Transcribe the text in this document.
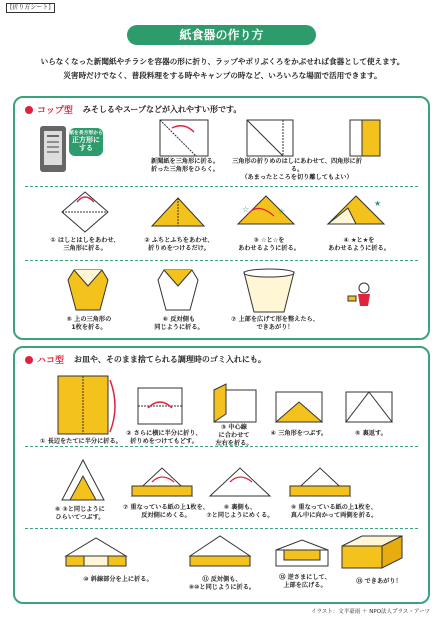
[折り方シート]
紙食器の作り方
いらなくなった新聞紙やチラシを容器の形に折り、ラップやポリぶくろをかぶせれば食器として使えます。
災害時だけでなく、普段料理をする時やキャンプの時など、いろいろな場面で活用できます。
コップ型 みそしるやスープなどが入れやすい形です。
紙を長方形から
正方形にする
新聞紙を三角形に折る。
折った三角形をひらく。
三角形の折りめのはしにあわせて、四角形に折る。
（あまったところを切り離してもよい）
☆	☆
★
① はしとはしをあわせ、
三角形に折る。
② ふちとふちをあわせ、
折りめをつけるだけ。
③ ☆と☆を
あわせるように折る。
④ ★と★を
あわせるように折る。
⑤ 上の三角形の
1枚を折る。
⑥ 反対側も
同じように折る。
⑦ 上部を広げて形を整えたら、
できあがり！
ハコ型 お皿や、そのまま捨てられる調理時のゴミ入れにも。
① 長辺をたてに半分に折る。
② さらに横に半分に折り、
折りめをつけてもどす。
③ 中心線
に合わせて
左右を折る。
④ 三角形をつぶす。	⑤ 裏返す。
⑥ ③と同じように
ひらいてつぶす。
⑦ 重なっている紙の上1枚を、
反対側にめくる。
⑧ 裏側も、
⑦と同じようにめくる。
⑨ 重なっている紙の上1枚を、
真ん中に向かって両側を折る。
⑩ 斜線部分を上に折る。	⑪ 反対側も、
⑨⑩と同じように折る。
⑫ 逆さまにして、
上部を広げる。
⑬ できあがり！
イラスト：文平豪雨 ＋ NPO法人プラス・アーツ
